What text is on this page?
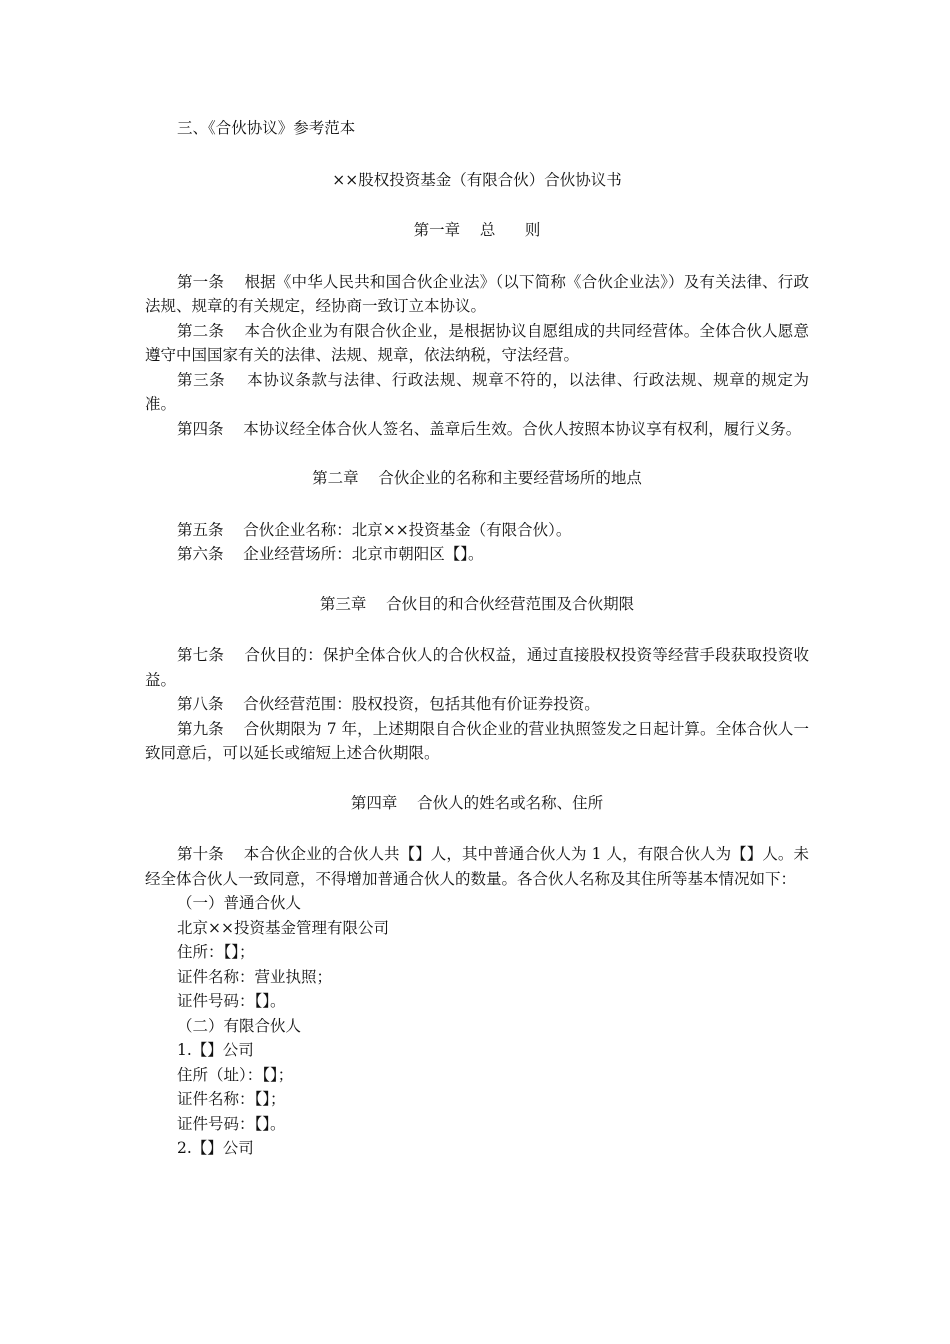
三、《合伙协议》参考范本

××股权投资基金（有限合伙）合伙协议书

第一章    总      则

第一条    根据《中华人民共和国合伙企业法》（以下简称《合伙企业法》）及有关法律、行政法规、规章的有关规定，经协商一致订立本协议。

第二条    本合伙企业为有限合伙企业，是根据协议自愿组成的共同经营体。全体合伙人愿意遵守中国国家有关的法律、法规、规章，依法纳税，守法经营。

第三条    本协议条款与法律、行政法规、规章不符的，以法律、行政法规、规章的规定为准。

第四条    本协议经全体合伙人签名、盖章后生效。合伙人按照本协议享有权利，履行义务。

第二章    合伙企业的名称和主要经营场所的地点

第五条    合伙企业名称：北京××投资基金（有限合伙）。

第六条    企业经营场所：北京市朝阳区【】。

第三章    合伙目的和合伙经营范围及合伙期限

第七条    合伙目的：保护全体合伙人的合伙权益，通过直接股权投资等经营手段获取投资收益。

第八条    合伙经营范围：股权投资，包括其他有价证券投资。

第九条    合伙期限为 7 年，上述期限自合伙企业的营业执照签发之日起计算。全体合伙人一致同意后，可以延长或缩短上述合伙期限。

第四章    合伙人的姓名或名称、住所

第十条    本合伙企业的合伙人共【】人，其中普通合伙人为 1 人，有限合伙人为【】人。未经全体合伙人一致同意，不得增加普通合伙人的数量。各合伙人名称及其住所等基本情况如下：

（一）普通合伙人

北京××投资基金管理有限公司

住所：【】；

证件名称：营业执照；

证件号码：【】。

（二）有限合伙人

1.【】公司

住所（址）：【】；

证件名称：【】；

证件号码：【】。

2.【】公司
